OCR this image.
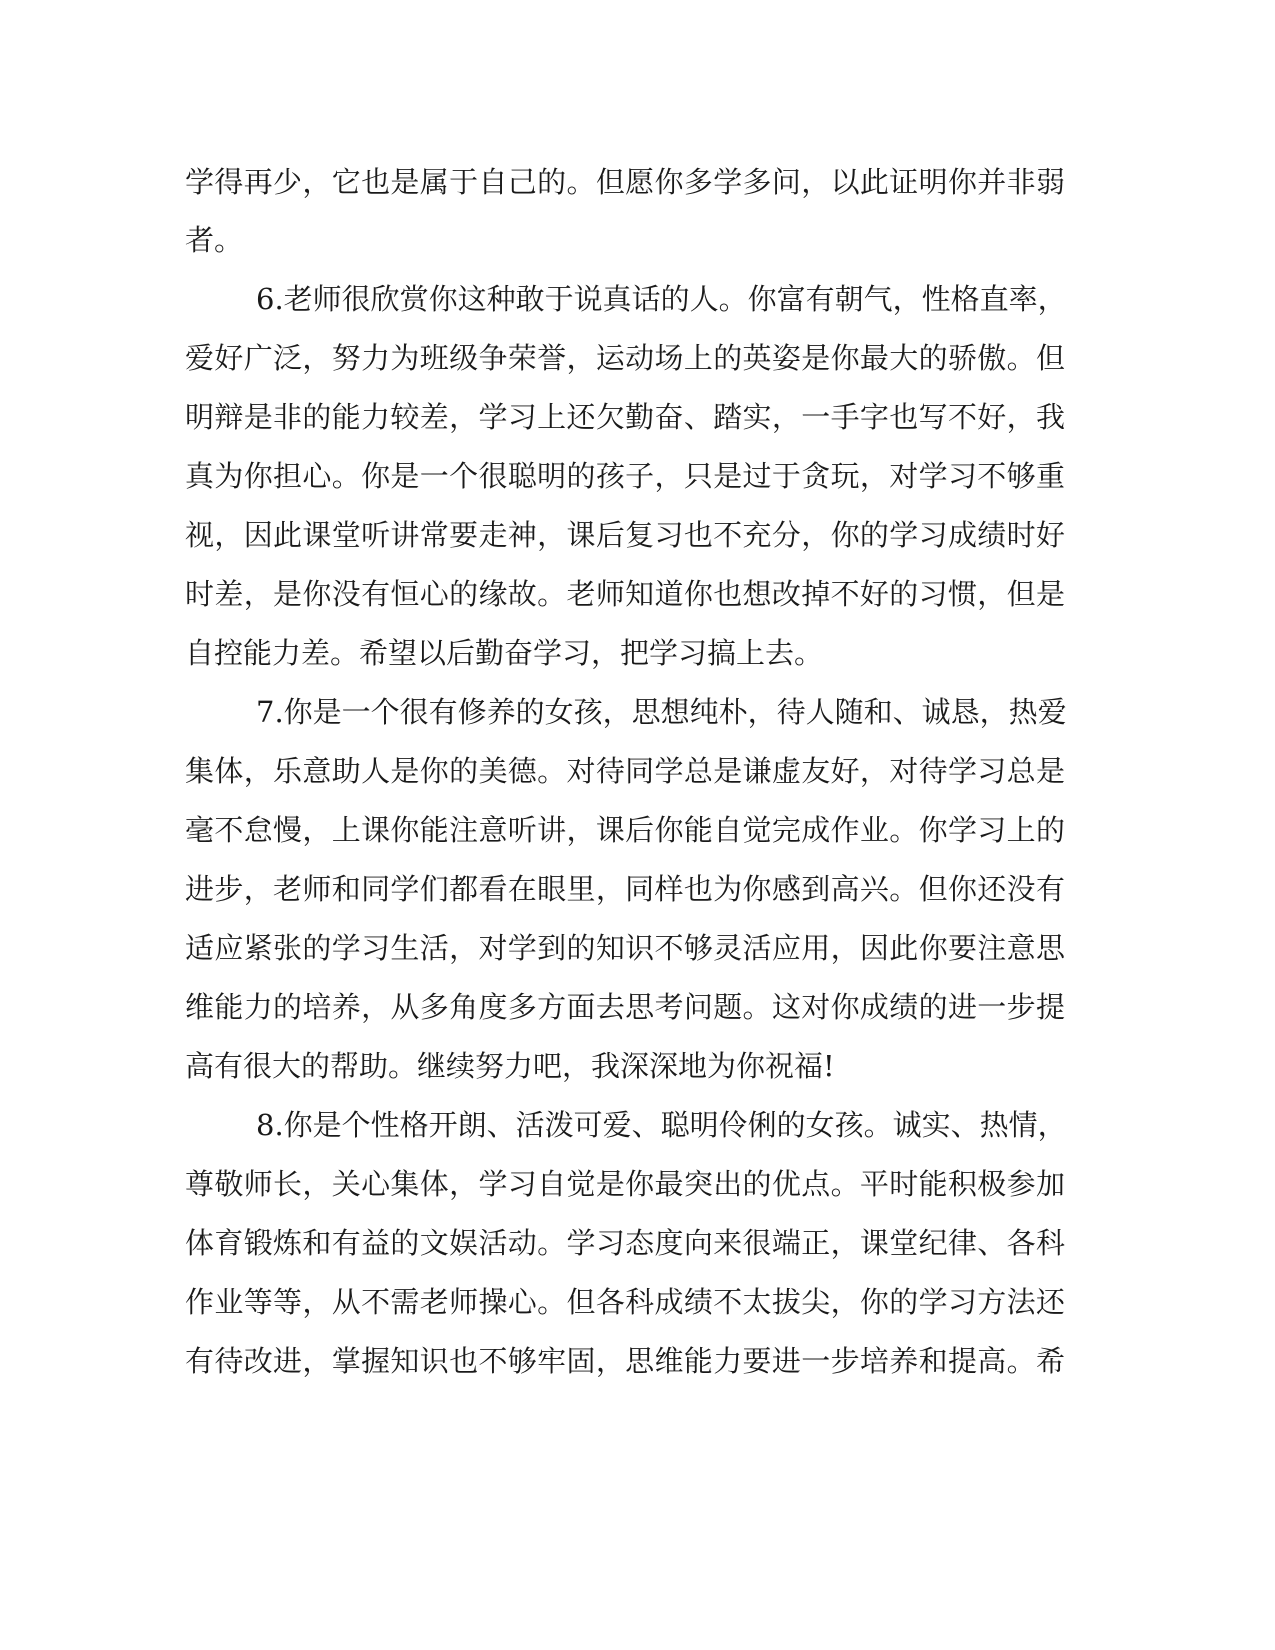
学得再少，它也是属于自己的。但愿你多学多问，以此证明你并非弱
者。
6.老师很欣赏你这种敢于说真话的人。你富有朝气，性格直率，
爱好广泛，努力为班级争荣誉，运动场上的英姿是你最大的骄傲。但
明辩是非的能力较差，学习上还欠勤奋、踏实，一手字也写不好，我
真为你担心。你是一个很聪明的孩子，只是过于贪玩，对学习不够重
视，因此课堂听讲常要走神，课后复习也不充分，你的学习成绩时好
时差，是你没有恒心的缘故。老师知道你也想改掉不好的习惯，但是
自控能力差。希望以后勤奋学习，把学习搞上去。
7.你是一个很有修养的女孩，思想纯朴，待人随和、诚恳，热爱
集体，乐意助人是你的美德。对待同学总是谦虚友好，对待学习总是
毫不怠慢，上课你能注意听讲，课后你能自觉完成作业。你学习上的
进步，老师和同学们都看在眼里，同样也为你感到高兴。但你还没有
适应紧张的学习生活，对学到的知识不够灵活应用，因此你要注意思
维能力的培养，从多角度多方面去思考问题。这对你成绩的进一步提
高有很大的帮助。继续努力吧，我深深地为你祝福!
8.你是个性格开朗、活泼可爱、聪明伶俐的女孩。诚实、热情，
尊敬师长，关心集体，学习自觉是你最突出的优点。平时能积极参加
体育锻炼和有益的文娱活动。学习态度向来很端正，课堂纪律、各科
作业等等，从不需老师操心。但各科成绩不太拔尖，你的学习方法还
有待改进，掌握知识也不够牢固，思维能力要进一步培养和提高。希
